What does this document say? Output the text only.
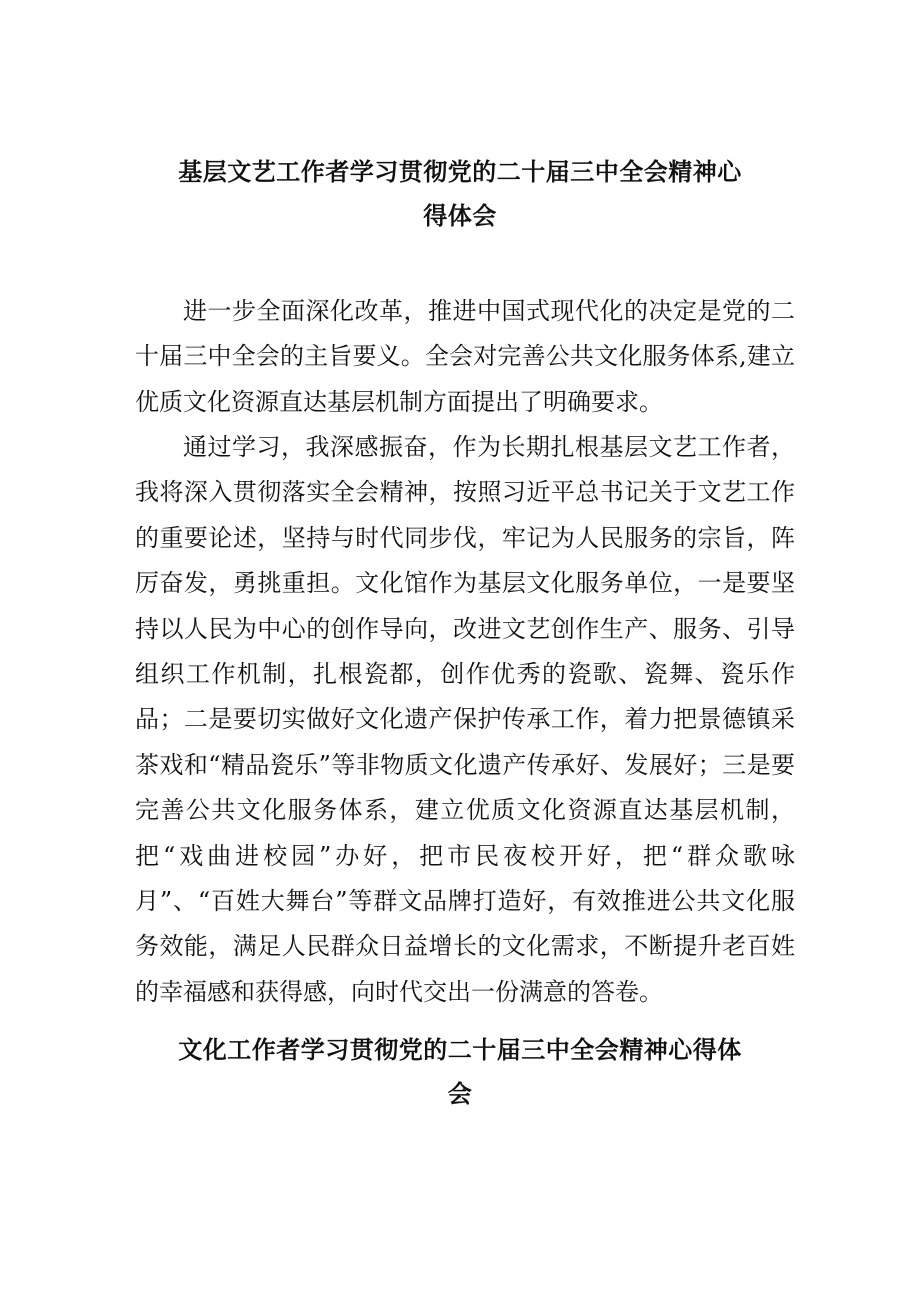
基层文艺工作者学习贯彻党的二十届三中全会精神心
得体会

进一步全面深化改革，推进中国式现代化的决定是党的二十届三中全会的主旨要义。全会对完善公共文化服务体系,建立优质文化资源直达基层机制方面提出了明确要求。

通过学习，我深感振奋，作为长期扎根基层文艺工作者，我将深入贯彻落实全会精神，按照习近平总书记关于文艺工作的重要论述，坚持与时代同步伐，牢记为人民服务的宗旨，阵厉奋发，勇挑重担。文化馆作为基层文化服务单位，一是要坚持以人民为中心的创作导向，改进文艺创作生产、服务、引导组织工作机制，扎根瓷都，创作优秀的瓷歌、瓷舞、瓷乐作品；二是要切实做好文化遗产保护传承工作，着力把景德镇采茶戏和“精品瓷乐”等非物质文化遗产传承好、发展好；三是要完善公共文化服务体系，建立优质文化资源直达基层机制，把“戏曲进校园”办好，把市民夜校开好，把“群众歌咏月”、“百姓大舞台”等群文品牌打造好，有效推进公共文化服务效能，满足人民群众日益增长的文化需求，不断提升老百姓的幸福感和获得感，向时代交出一份满意的答卷。

文化工作者学习贯彻党的二十届三中全会精神心得体
会
